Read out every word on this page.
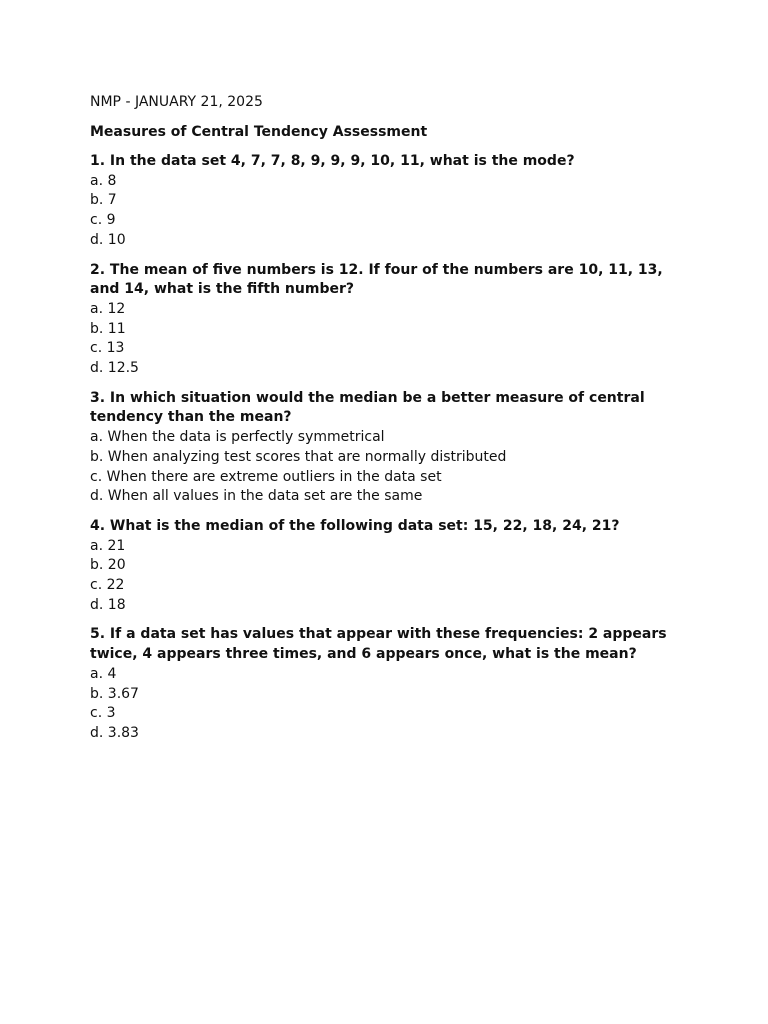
NMP - JANUARY 21, 2025
Measures of Central Tendency Assessment
1. In the data set 4, 7, 7, 8, 9, 9, 9, 10, 11, what is the mode?
a. 8
b. 7
c. 9
d. 10
2. The mean of five numbers is 12. If four of the numbers are 10, 11, 13, and 14, what is the fifth number?
a. 12
b. 11
c. 13
d. 12.5
3. In which situation would the median be a better measure of central tendency than the mean?
a. When the data is perfectly symmetrical
b. When analyzing test scores that are normally distributed
c. When there are extreme outliers in the data set
d. When all values in the data set are the same
4. What is the median of the following data set: 15, 22, 18, 24, 21?
a. 21
b. 20
c. 22
d. 18
5. If a data set has values that appear with these frequencies: 2 appears twice, 4 appears three times, and 6 appears once, what is the mean?
a. 4
b. 3.67
c. 3
d. 3.83
